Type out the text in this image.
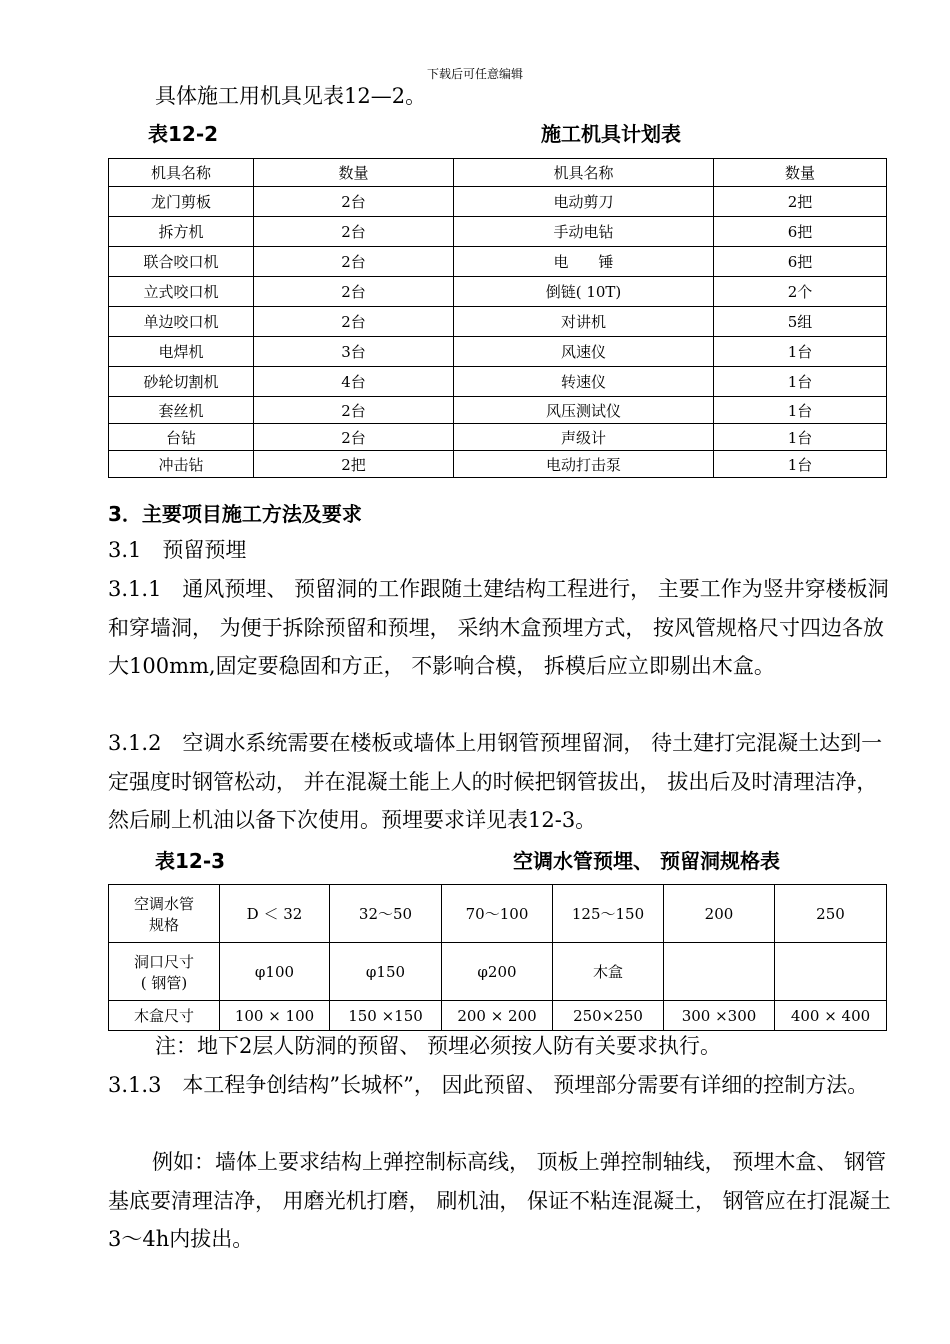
下载后可任意编辑
具体施工用机具见表12—2。
表12-2	施工机具计划表
机具名称	数量	机具名称	数量
龙门剪板	2台	电动剪刀	2把
拆方机	2台	手动电钻	6把
联合咬口机	2台	电　　锤	6把
立式咬口机	2台	倒链( 10T)	2个
单边咬口机	2台	对讲机	5组
电焊机	3台	风速仪	1台
砂轮切割机	4台	转速仪	1台
套丝机	2台	风压测试仪	1台
台钻	2台	声级计	1台
冲击钻	2把	电动打击泵	1台
3．主要项目施工方法及要求
3.1　预留预埋
3.1.1　通风预埋、 预留洞的工作跟随土建结构工程进行， 主要工作为竖井穿楼板洞和穿墙洞， 为便于拆除预留和预埋， 采纳木盒预埋方式， 按风管规格尺寸四边各放大100mm,固定要稳固和方正， 不影响合模， 拆模后应立即剔出木盒。
3.1.2　空调水系统需要在楼板或墙体上用钢管预埋留洞， 待土建打完混凝土达到一定强度时钢管松动， 并在混凝土能上人的时候把钢管拔出， 拔出后及时清理洁净， 然后刷上机油以备下次使用。预埋要求详见表12-3。
表12-3	空调水管预埋、 预留洞规格表
空调水管
规格	D ＜ 32	32～50	70～100	125～150	200	250
洞口尺寸
( 钢管)	φ100	φ150	φ200	木盒		
木盒尺寸	100 × 100	150 ×150	200 × 200	250×250	300 ×300	400 × 400
注：地下2层人防洞的预留、 预埋必须按人防有关要求执行。
3.1.3　本工程争创结构”长城杯”， 因此预留、 预埋部分需要有详细的控制方法。
例如：墙体上要求结构上弹控制标高线， 顶板上弹控制轴线， 预埋木盒、 钢管基底要清理洁净， 用磨光机打磨， 刷机油， 保证不粘连混凝土， 钢管应在打混凝土3～4h内拔出。
